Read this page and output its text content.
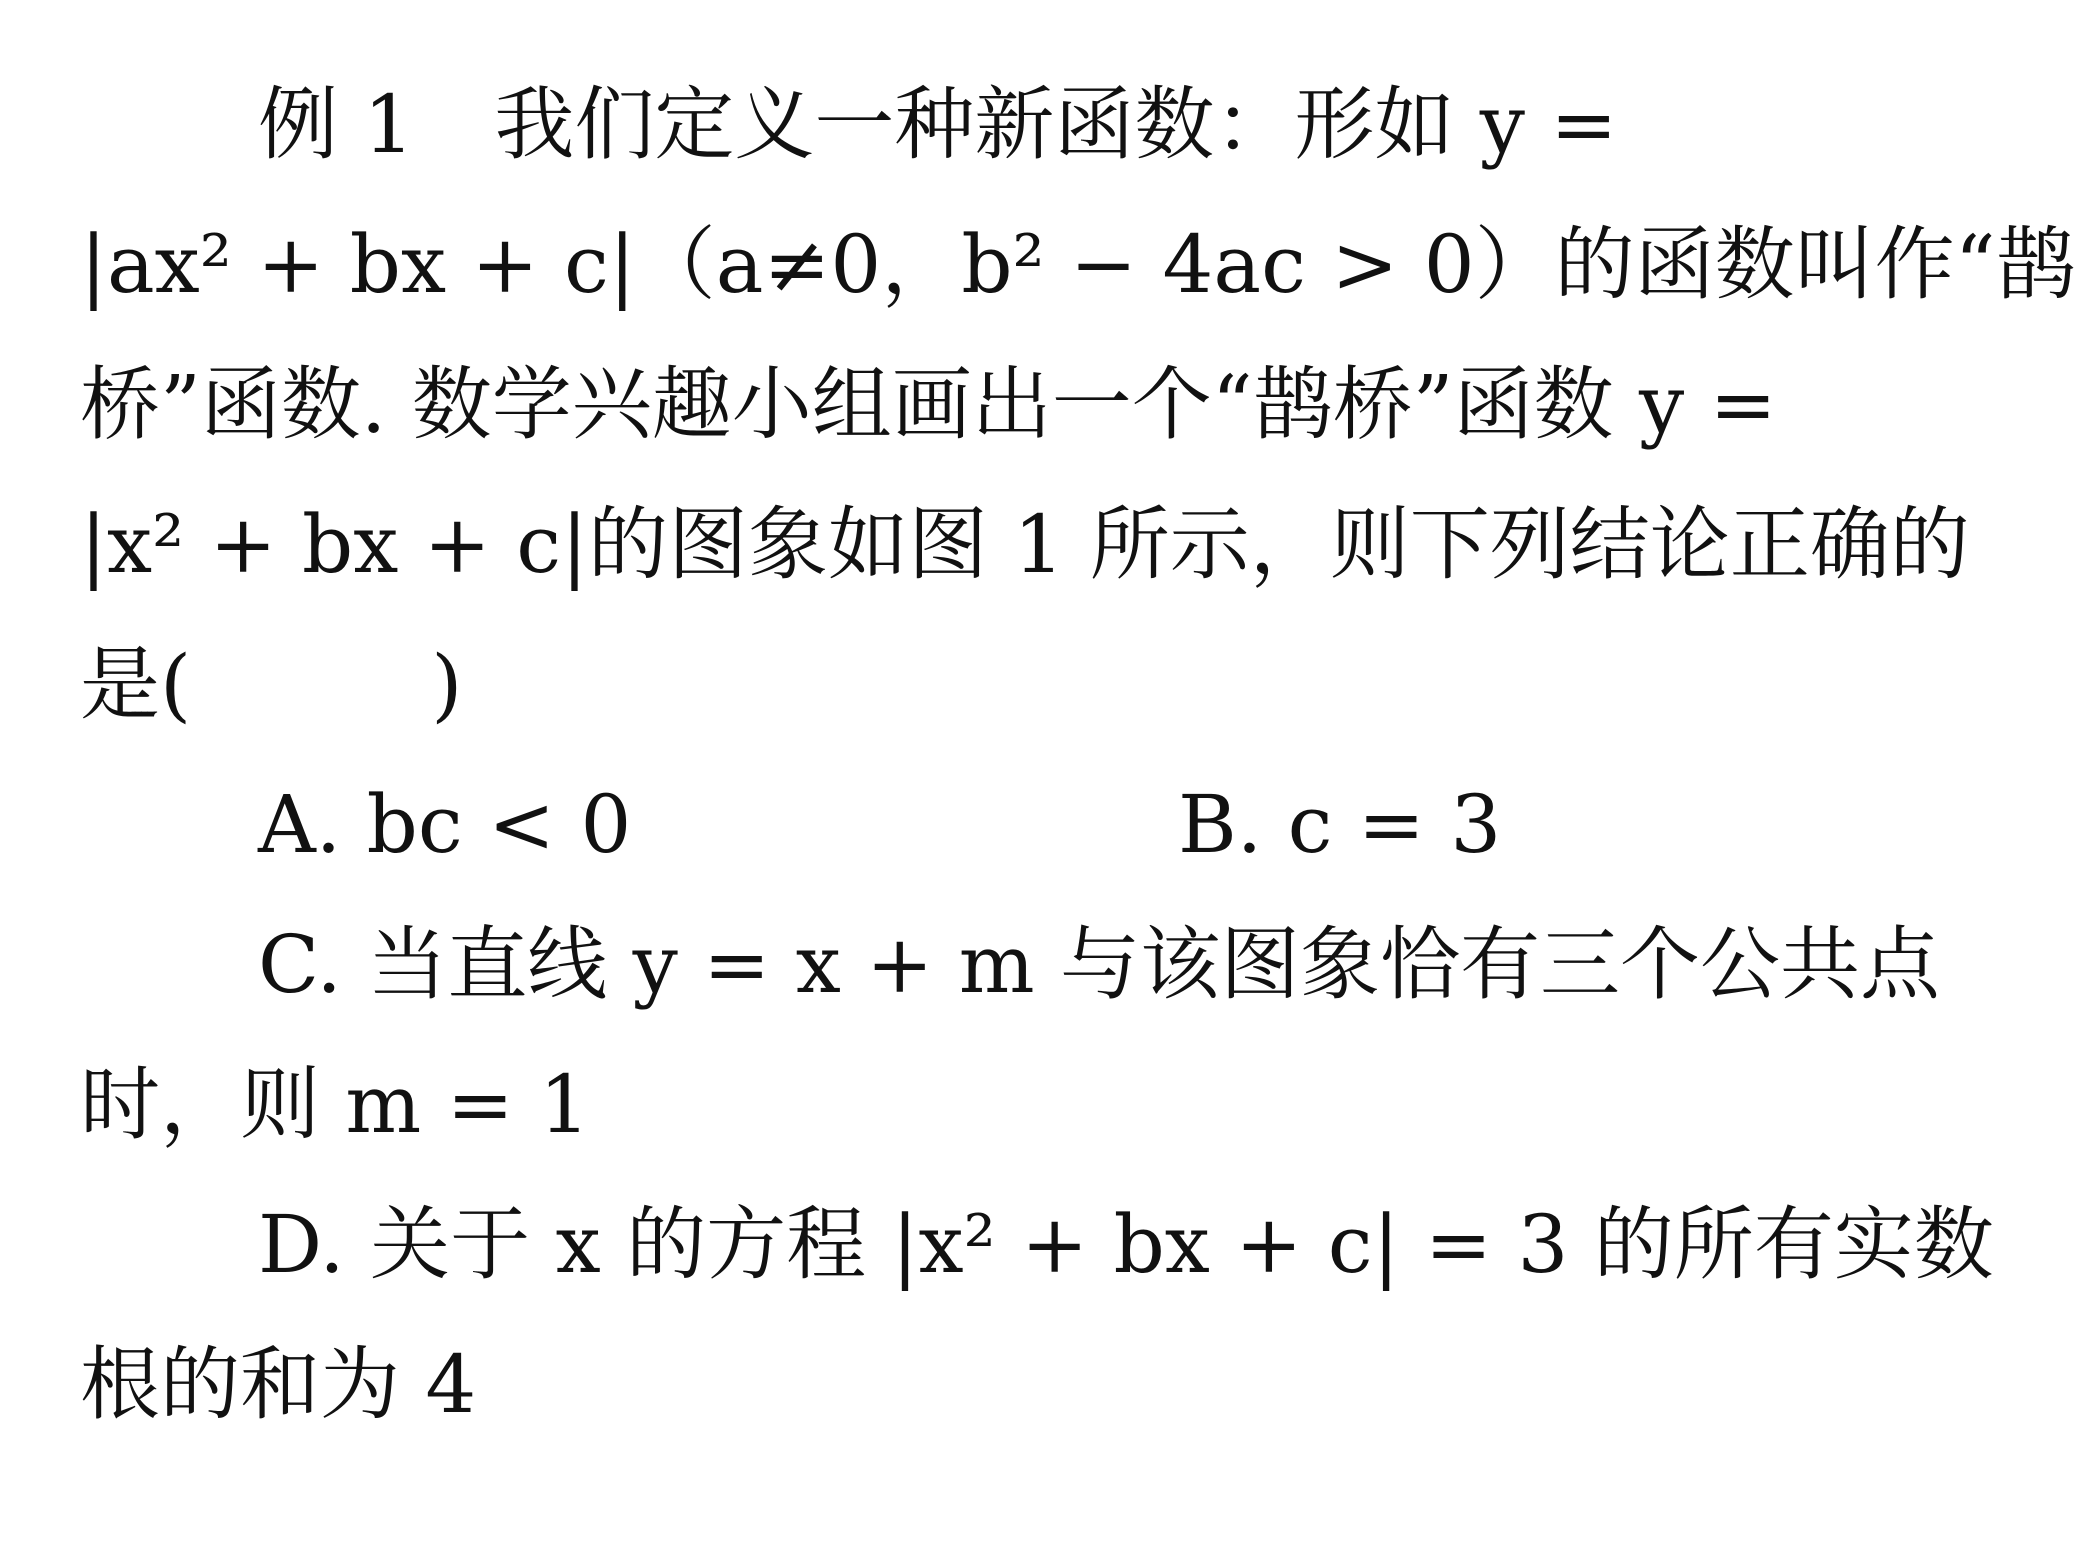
例 1　我们定义一种新函数：形如 y =
|ax² + bx + c|（a≠0，b² − 4ac > 0）的函数叫作“鹊
桥”函数. 数学兴趣小组画出一个“鹊桥”函数 y =
|x² + bx + c|的图象如图 1 所示，则下列结论正确的
是(　　　)
A. bc < 0	B. c = 3
C. 当直线 y = x + m 与该图象恰有三个公共点
时，则 m = 1
D. 关于 x 的方程 |x² + bx + c| = 3 的所有实数
根的和为 4
